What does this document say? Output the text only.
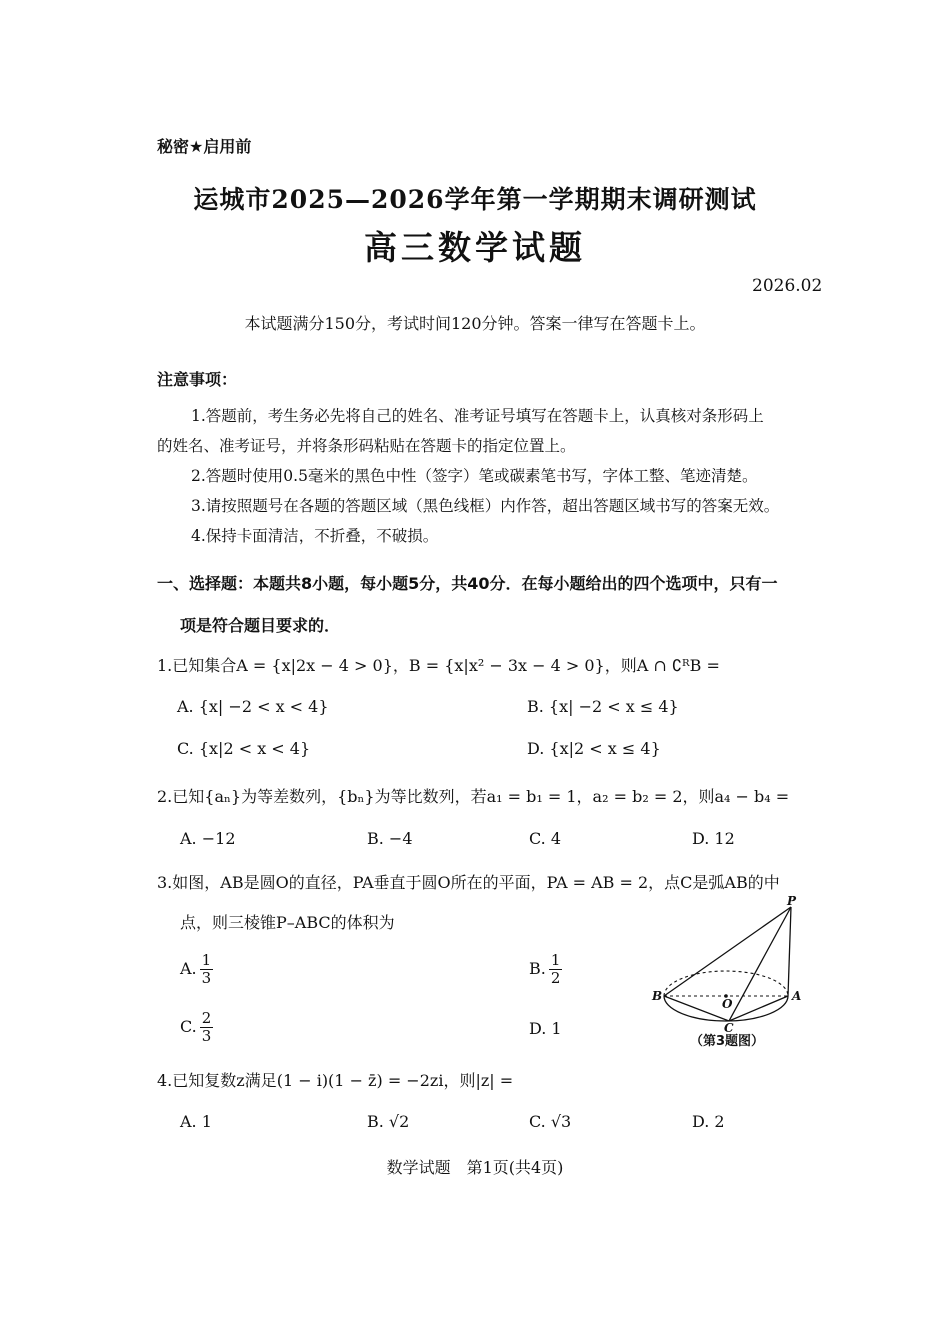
秘密★启用前
运城市2025—2026学年第一学期期末调研测试
高三数学试题
2026.02
本试题满分150分，考试时间120分钟。答案一律写在答题卡上。
注意事项：
1.答题前，考生务必先将自己的姓名、准考证号填写在答题卡上，认真核对条形码上
的姓名、准考证号，并将条形码粘贴在答题卡的指定位置上。
2.答题时使用0.5毫米的黑色中性（签字）笔或碳素笔书写，字体工整、笔迹清楚。
3.请按照题号在各题的答题区域（黑色线框）内作答，超出答题区域书写的答案无效。
4.保持卡面清洁，不折叠，不破损。
一、选择题：本题共8小题，每小题5分，共40分．在每小题给出的四个选项中，只有一
项是符合题目要求的．
1.已知集合A = {x|2x − 4 > 0}，B = {x|x² − 3x − 4 > 0}，则A ∩ ∁ᴿB =
A. {x| −2 < x < 4}	B. {x| −2 < x ≤ 4}
C. {x|2 < x < 4}	D. {x|2 < x ≤ 4}
2.已知{aₙ}为等差数列，{bₙ}为等比数列，若a₁ = b₁ = 1，a₂ = b₂ = 2，则a₄ − b₄ =
A. −12	B. −4	C. 4	D. 12
3.如图，AB是圆O的直径，PA垂直于圆O所在的平面，PA = AB = 2，点C是弧AB的中
点，则三棱锥P–ABC的体积为
A. $\frac{1}{3}$	B. $\frac{1}{2}$
C. $\frac{2}{3}$	D. 1
P
B	A
O
C
（第3题图）
4.已知复数z满足(1 − i)(1 − z̄) = −2zi，则|z| =
A. 1	B. √2	C. √3	D. 2
数学试题　第1页(共4页)
